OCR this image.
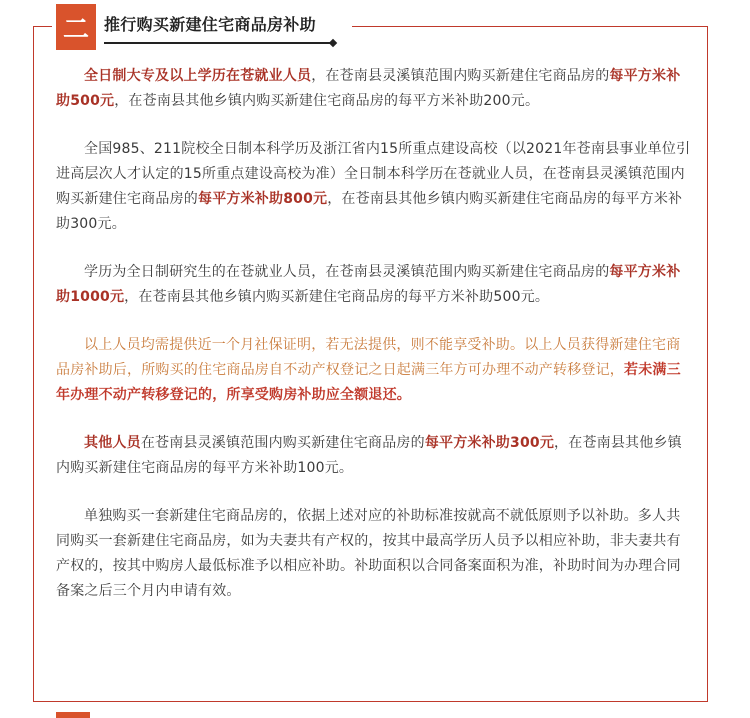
二 推行购买新建住宅商品房补助

全日制大专及以上学历在苍就业人员，在苍南县灵溪镇范围内购买新建住宅商品房的每平方米补助500元，在苍南县其他乡镇内购买新建住宅商品房的每平方米补助200元。

全国985、211院校全日制本科学历及浙江省内15所重点建设高校（以2021年苍南县事业单位引进高层次人才认定的15所重点建设高校为准）全日制本科学历在苍就业人员，在苍南县灵溪镇范围内购买新建住宅商品房的每平方米补助800元，在苍南县其他乡镇内购买新建住宅商品房的每平方米补助300元。

学历为全日制研究生的在苍就业人员，在苍南县灵溪镇范围内购买新建住宅商品房的每平方米补助1000元，在苍南县其他乡镇内购买新建住宅商品房的每平方米补助500元。

以上人员均需提供近一个月社保证明，若无法提供，则不能享受补助。以上人员获得新建住宅商品房补助后，所购买的住宅商品房自不动产权登记之日起满三年方可办理不动产转移登记，若未满三年办理不动产转移登记的，所享受购房补助应全额退还。

其他人员在苍南县灵溪镇范围内购买新建住宅商品房的每平方米补助300元，在苍南县其他乡镇内购买新建住宅商品房的每平方米补助100元。

单独购买一套新建住宅商品房的，依据上述对应的补助标准按就高不就低原则予以补助。多人共同购买一套新建住宅商品房，如为夫妻共有产权的，按其中最高学历人员予以相应补助，非夫妻共有产权的，按其中购房人最低标准予以相应补助。补助面积以合同备案面积为准，补助时间为办理合同备案之后三个月内申请有效。
